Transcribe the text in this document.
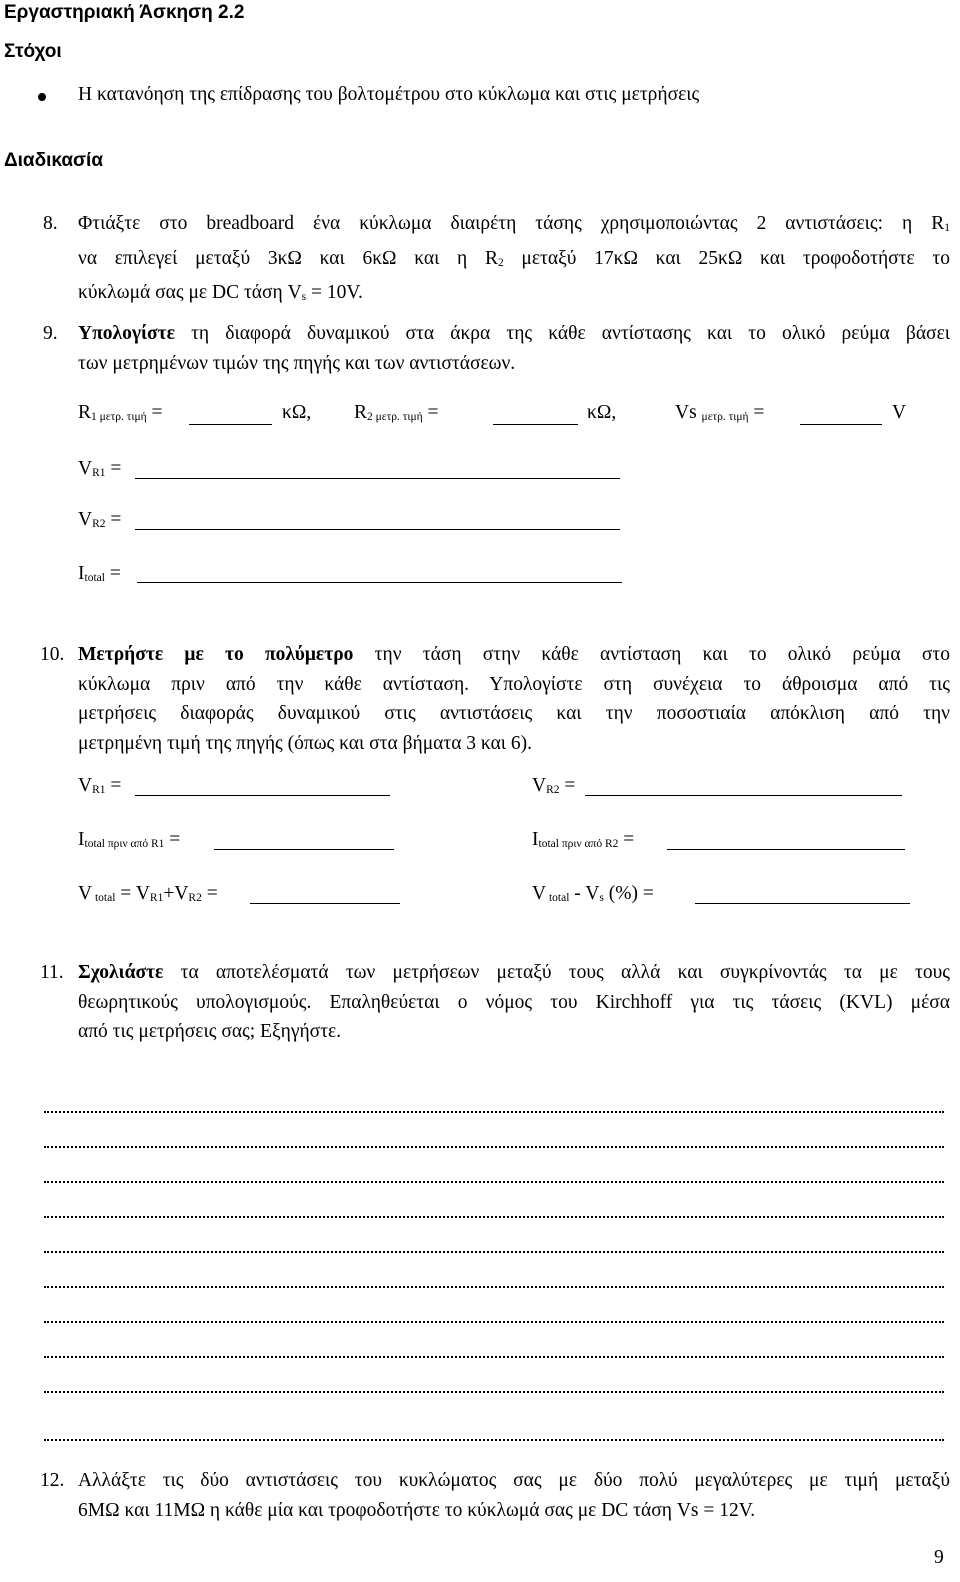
Εργαστηριακή Άσκηση 2.2
Στόχοι
Η κατανόηση της επίδρασης του βολτομέτρου στο κύκλωμα και στις μετρήσεις
Διαδικασία
8. Φτιάξτε στο breadboard ένα κύκλωμα διαιρέτη τάσης χρησιμοποιώντας 2 αντιστάσεις: η R1
να επιλεγεί μεταξύ 3κΩ και 6κΩ και η R2 μεταξύ 17κΩ και 25κΩ και τροφοδοτήστε το
κύκλωμά σας με DC τάση Vs = 10V.
9. Υπολογίστε τη διαφορά δυναμικού στα άκρα της κάθε αντίστασης και το ολικό ρεύμα βάσει
των μετρημένων τιμών της πηγής και των αντιστάσεων.
R1 μετρ. τιμή =	κΩ, R2 μετρ. τιμή =	κΩ,	Vs μετρ. τιμή =	V
VR1 =
VR2 =
Itotal =
10. Μετρήστε με το πολύμετρο την τάση στην κάθε αντίσταση και το ολικό ρεύμα στο
κύκλωμα πριν από την κάθε αντίσταση. Υπολογίστε στη συνέχεια το άθροισμα από τις
μετρήσεις διαφοράς δυναμικού στις αντιστάσεις και την ποσοστιαία απόκλιση από την
μετρημένη τιμή της πηγής (όπως και στα βήματα 3 και 6).
VR1 =	VR2 =
Itotal πριν από R1 =	Itotal πριν από R2 =
V total = VR1+VR2 =	V total - Vs (%) =
11. Σχολιάστε τα αποτελέσματά των μετρήσεων μεταξύ τους αλλά και συγκρίνοντάς τα με τους
θεωρητικούς υπολογισμούς. Επαληθεύεται ο νόμος του Kirchhoff για τις τάσεις (KVL) μέσα
από τις μετρήσεις σας; Εξηγήστε.
12. Αλλάξτε τις δύο αντιστάσεις του κυκλώματος σας με δύο πολύ μεγαλύτερες με τιμή μεταξύ
6ΜΩ και 11ΜΩ η κάθε μία και τροφοδοτήστε το κύκλωμά σας με DC τάση Vs = 12V.
9
